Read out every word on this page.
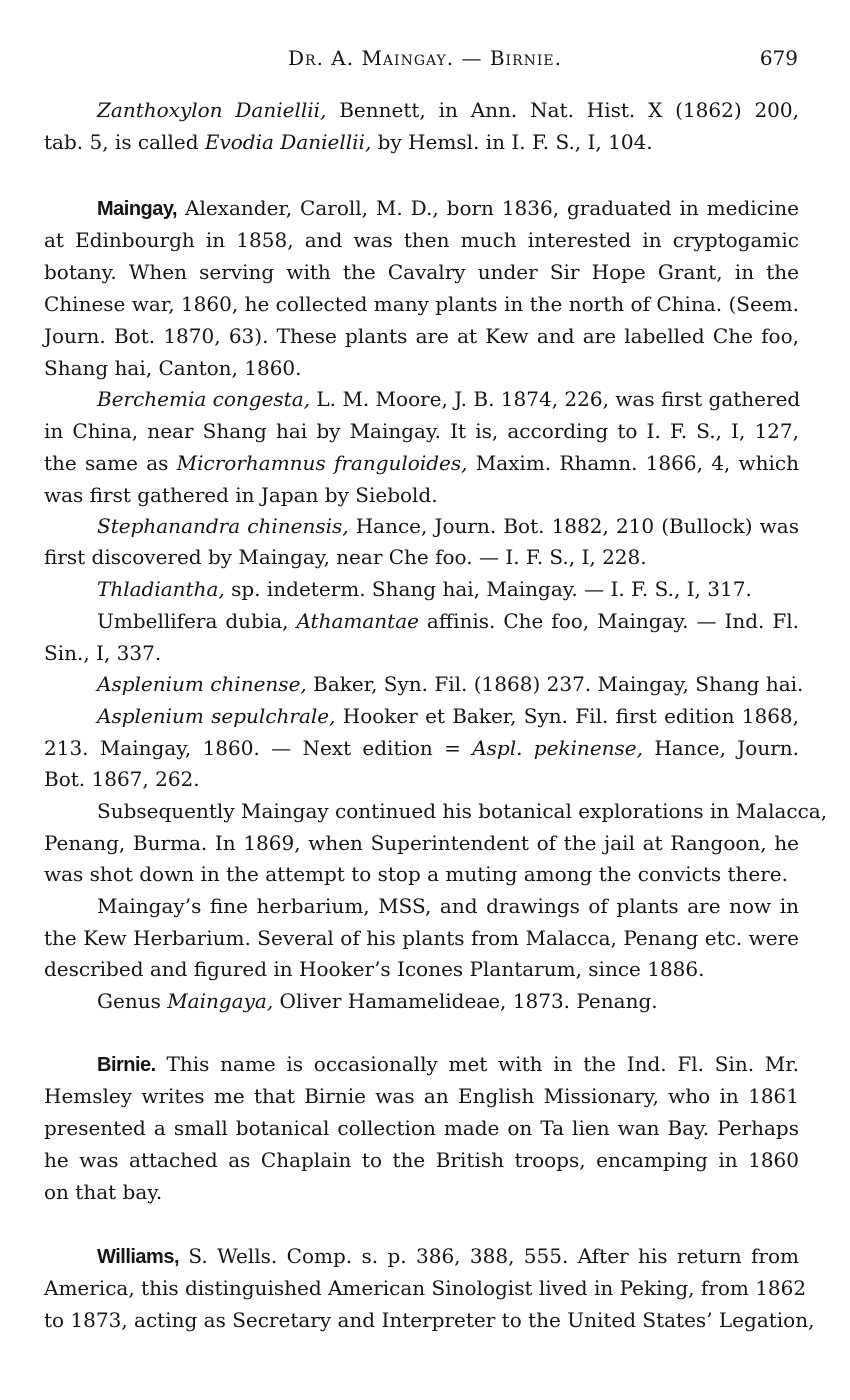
Dr. A. Maingay. — Birnie.	679
Zanthoxylon Daniellii, Bennett, in Ann. Nat. Hist. X (1862) 200,
tab. 5, is called Evodia Daniellii, by Hemsl. in I. F. S., I, 104.
Maingay, Alexander, Caroll, M. D., born 1836, graduated in medicine
at Edinbourgh in 1858, and was then much interested in cryptogamic
botany. When serving with the Cavalry under Sir Hope Grant, in the
Chinese war, 1860, he collected many plants in the north of China. (Seem.
Journ. Bot. 1870, 63). These plants are at Kew and are labelled Che foo,
Shang hai, Canton, 1860.
Berchemia congesta, L. M. Moore, J. B. 1874, 226, was first gathered
in China, near Shang hai by Maingay. It is, according to I. F. S., I, 127,
the same as Microrhamnus franguloides, Maxim. Rhamn. 1866, 4, which
was first gathered in Japan by Siebold.
Stephanandra chinensis, Hance, Journ. Bot. 1882, 210 (Bullock) was
first discovered by Maingay, near Che foo. — I. F. S., I, 228.
Thladiantha, sp. indeterm. Shang hai, Maingay. — I. F. S., I, 317.
Umbellifera dubia, Athamantae affinis. Che foo, Maingay. — Ind. Fl.
Sin., I, 337.
Asplenium chinense, Baker, Syn. Fil. (1868) 237. Maingay, Shang hai.
Asplenium sepulchrale, Hooker et Baker, Syn. Fil. first edition 1868,
213. Maingay, 1860. — Next edition = Aspl. pekinense, Hance, Journ.
Bot. 1867, 262.
Subsequently Maingay continued his botanical explorations in Malacca,
Penang, Burma. In 1869, when Superintendent of the jail at Rangoon, he
was shot down in the attempt to stop a muting among the convicts there.
Maingay’s fine herbarium, MSS, and drawings of plants are now in
the Kew Herbarium. Several of his plants from Malacca, Penang etc. were
described and figured in Hooker’s Icones Plantarum, since 1886.
Genus Maingaya, Oliver Hamamelideae, 1873. Penang.
Birnie. This name is occasionally met with in the Ind. Fl. Sin. Mr.
Hemsley writes me that Birnie was an English Missionary, who in 1861
presented a small botanical collection made on Ta lien wan Bay. Perhaps
he was attached as Chaplain to the British troops, encamping in 1860
on that bay.
Williams, S. Wells. Comp. s. p. 386, 388, 555. After his return from
America, this distinguished American Sinologist lived in Peking, from 1862
to 1873, acting as Secretary and Interpreter to the United States’ Legation,
